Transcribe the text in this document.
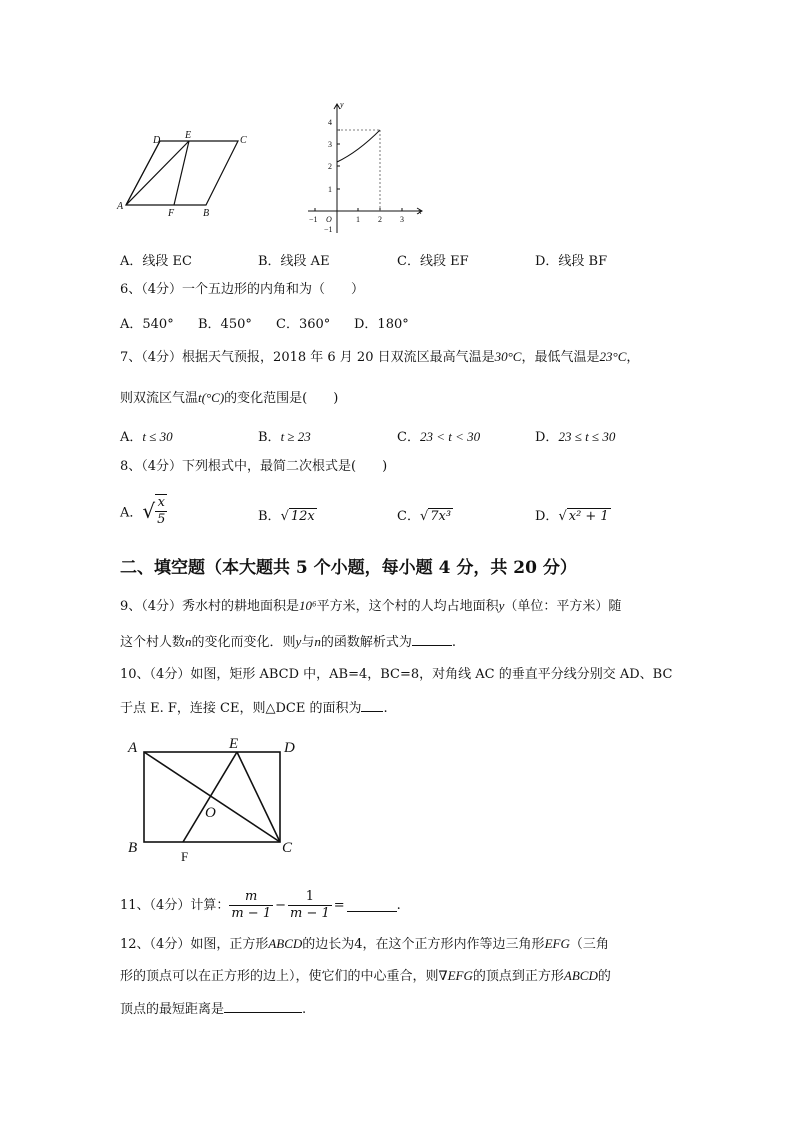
A
B
C
D E
F
y
x
O
−1	1 2 3
4
3
2
1
−1
A．线段 EC	B．线段 AE	C．线段 EF	D．线段 BF
6、（4分）一个五边形的内角和为（　　）
A．540° B．450° C．360° D．180°
7、（4分）根据天气预报，2018 年 6 月 20 日双流区最高气温是30°C，最低气温是23°C，
则双流区气温t(°C)的变化范围是(　　)
A．t ≤ 30	B．t ≥ 23	C．23 < t < 30	D．23 ≤ t ≤ 30
8、（4分）下列根式中，最简二次根式是(　　)
A．√ $\frac{x}{5}$	B．√ 12x	C．√ 7x³	D．√ x² + 1
二、填空题（本大题共 5 个小题，每小题 4 分，共 20 分）
9、（4分）秀水村的耕地面积是10⁶平方米，这个村的人均占地面积y（单位：平方米）随
这个村人数n的变化而变化．则y与n的函数解析式为	.
10、（4分）如图，矩形 ABCD 中，AB=4，BC=8，对角线 AC 的垂直平分线分别交 AD、BC
于点 E. F，连接 CE，则△DCE 的面积为 .
A	E	D
O
B	C
F
11、（4分）计算： $\frac{m}{m - 1} - \frac{1}{m - 1}$ =	.
12、（4分）如图，正方形ABCD的边长为4，在这个正方形内作等边三角形EFG（三角
形的顶点可以在正方形的边上），使它们的中心重合，则∇EFG的顶点到正方形ABCD的
顶点的最短距离是	.
